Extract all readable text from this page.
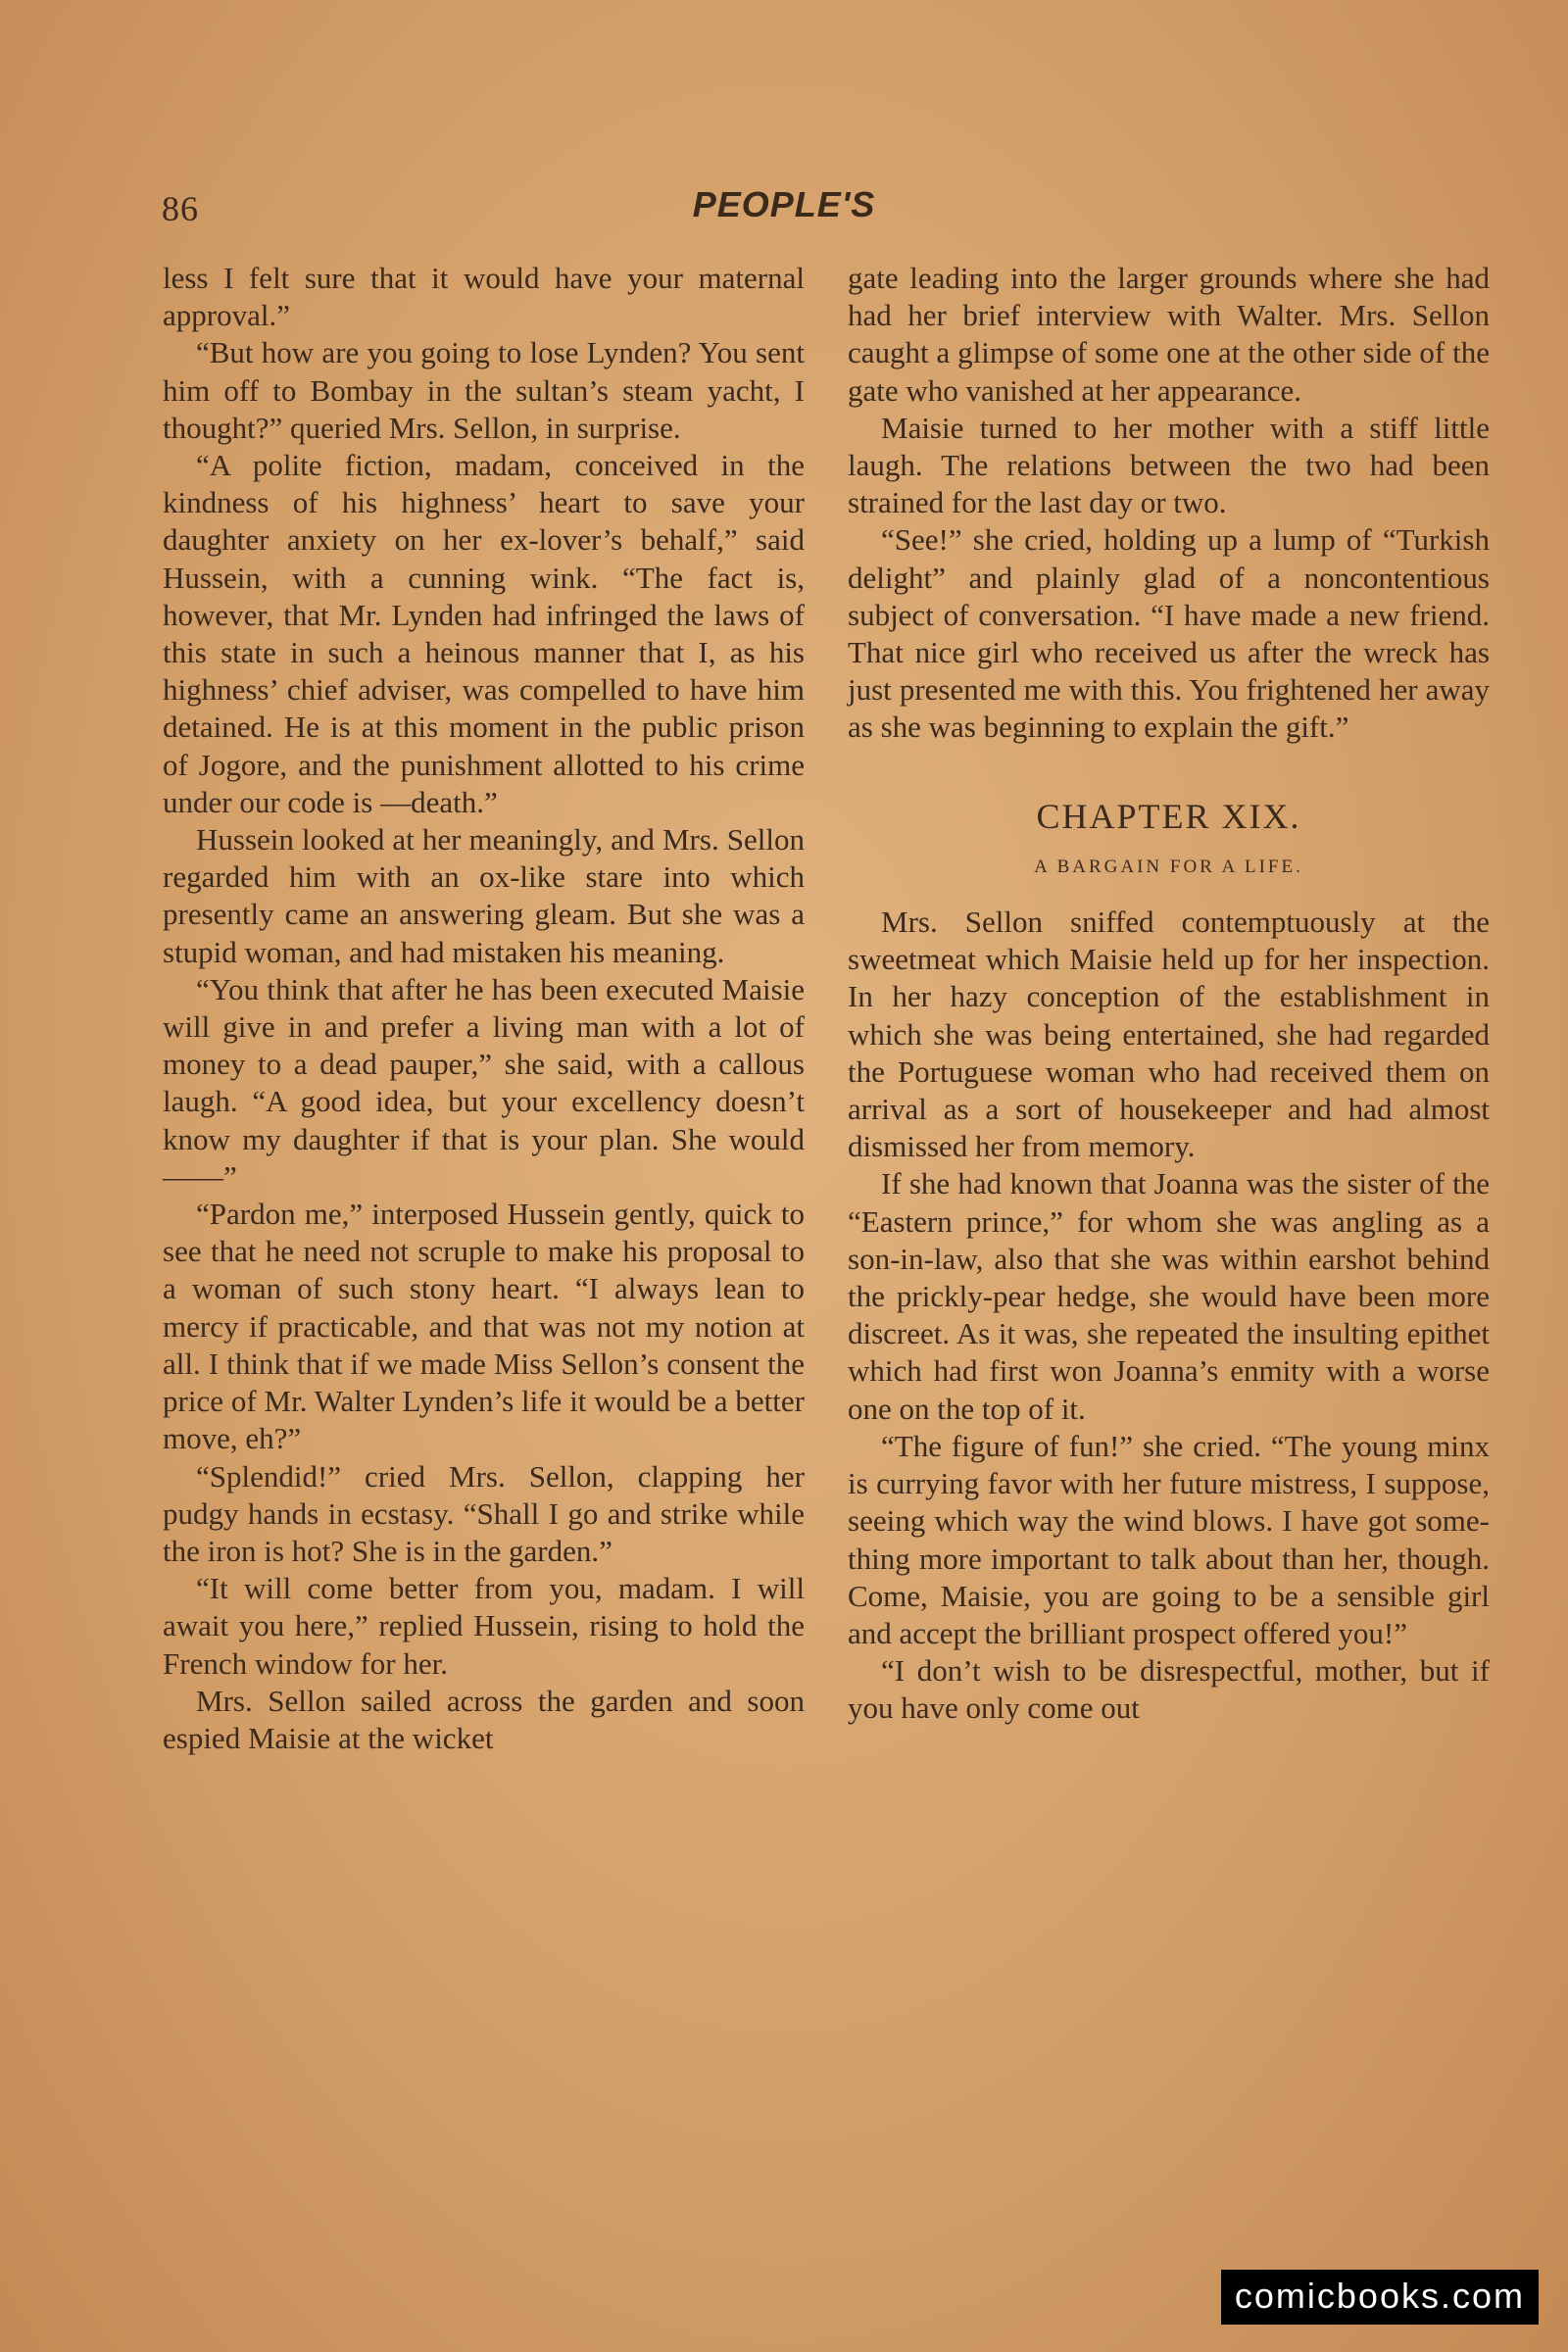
86	PEOPLE'S

less I felt sure that it would have your maternal approval.”

“But how are you going to lose Lynden? You sent him off to Bombay in the sultan’s steam yacht, I thought?” queried Mrs. Sellon, in surprise.

“A polite fiction, madam, conceived in the kindness of his highness’ heart to save your daughter anxiety on her ex-lover’s behalf,” said Hussein, with a cunning wink. “The fact is, however, that Mr. Lynden had infringed the laws of this state in such a heinous manner that I, as his highness’ chief adviser, was compelled to have him detained. He is at this moment in the public prison of Jogore, and the punishment allotted to his crime under our code is —death.”

Hussein looked at her meaningly, and Mrs. Sellon regarded him with an ox-like stare into which presently came an answering gleam. But she was a stupid woman, and had mistaken his meaning.

“You think that after he has been executed Maisie will give in and prefer a living man with a lot of money to a dead pauper,” she said, with a callous laugh. “A good idea, but your excellency doesn’t know my daughter if that is your plan. She would——”

“Pardon me,” interposed Hussein gently, quick to see that he need not scruple to make his proposal to a woman of such stony heart. “I always lean to mercy if practicable, and that was not my notion at all. I think that if we made Miss Sellon’s consent the price of Mr. Walter Lynden’s life it would be a better move, eh?”

“Splendid!” cried Mrs. Sellon, clapping her pudgy hands in ecstasy. “Shall I go and strike while the iron is hot? She is in the garden.”

“It will come better from you, madam. I will await you here,” replied Hussein, rising to hold the French window for her.

Mrs. Sellon sailed across the garden and soon espied Maisie at the wicket

gate leading into the larger grounds where she had had her brief interview with Walter. Mrs. Sellon caught a glimpse of some one at the other side of the gate who vanished at her appearance.

Maisie turned to her mother with a stiff little laugh. The relations between the two had been strained for the last day or two.

“See!” she cried, holding up a lump of “Turkish delight” and plainly glad of a noncontentious subject of conversation. “I have made a new friend. That nice girl who received us after the wreck has just presented me with this. You frightened her away as she was beginning to explain the gift.”

CHAPTER XIX.
A BARGAIN FOR A LIFE.

Mrs. Sellon sniffed contemptuously at the sweetmeat which Maisie held up for her inspection. In her hazy conception of the establishment in which she was being entertained, she had regarded the Portuguese woman who had received them on arrival as a sort of housekeeper and had almost dismissed her from memory.

If she had known that Joanna was the sister of the “Eastern prince,” for whom she was angling as a son-in-law, also that she was within earshot behind the prickly-pear hedge, she would have been more discreet. As it was, she repeated the insulting epithet which had first won Joanna’s enmity with a worse one on the top of it.

“The figure of fun!” she cried. “The young minx is currying favor with her future mistress, I suppose, seeing which way the wind blows. I have got something more important to talk about than her, though. Come, Maisie, you are going to be a sensible girl and accept the brilliant prospect offered you!”

“I don’t wish to be disrespectful, mother, but if you have only come out

comicbooks.com
